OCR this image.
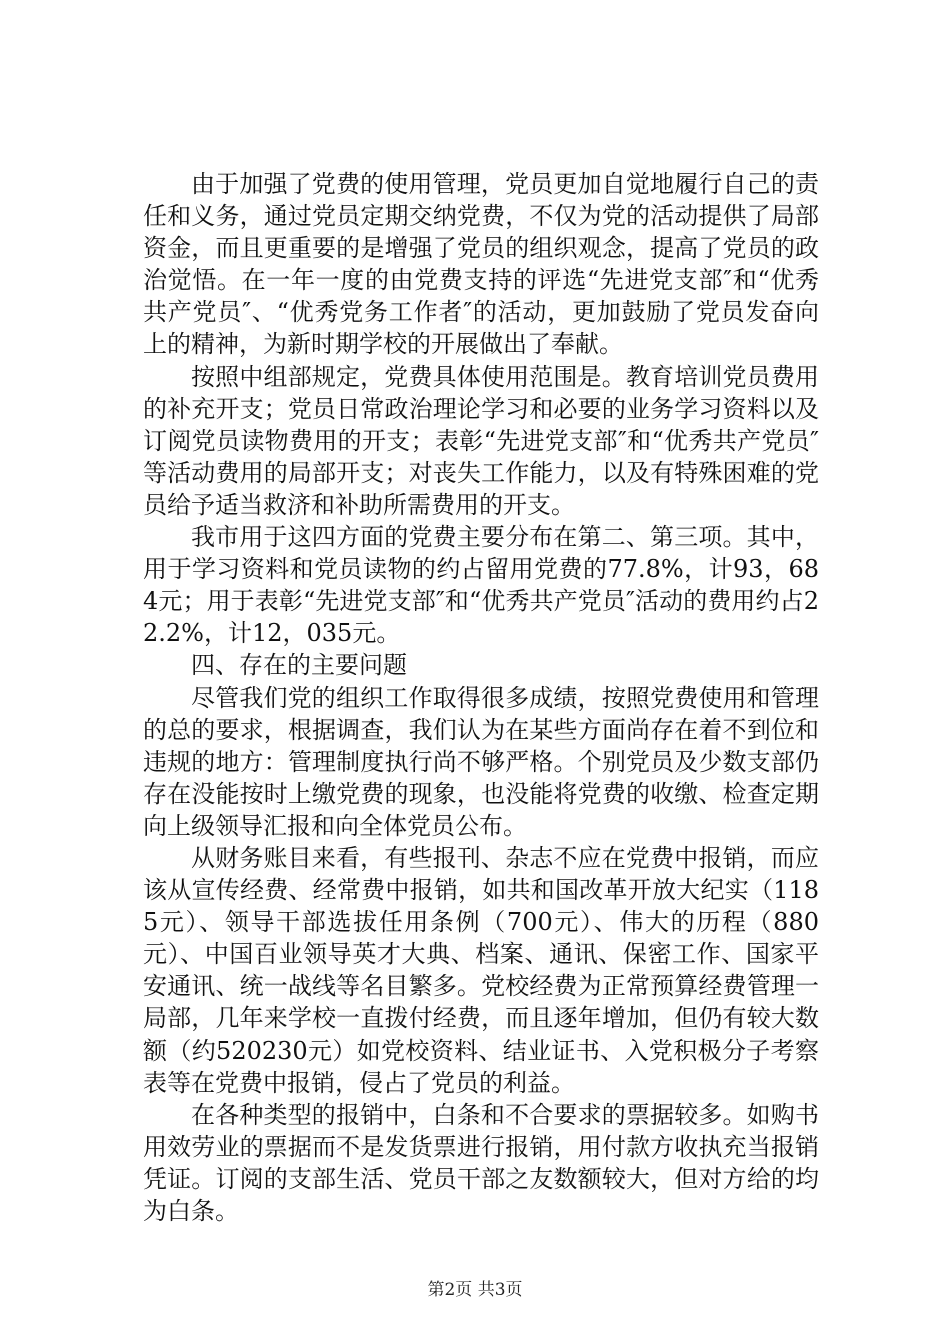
由于加强了党费的使用管理，党员更加自觉地履行自己的责任和义务，通过党员定期交纳党费，不仅为党的活动提供了局部资金，而且更重要的是增强了党员的组织观念，提高了党员的政治觉悟。在一年一度的由党费支持的评选“先进党支部″和“优秀共产党员″、“优秀党务工作者″的活动，更加鼓励了党员发奋向上的精神，为新时期学校的开展做出了奉献。

按照中组部规定，党费具体使用范围是。教育培训党员费用的补充开支；党员日常政治理论学习和必要的业务学习资料以及订阅党员读物费用的开支；表彰“先进党支部″和“优秀共产党员″等活动费用的局部开支；对丧失工作能力，以及有特殊困难的党员给予适当救济和补助所需费用的开支。

我市用于这四方面的党费主要分布在第二、第三项。其中，用于学习资料和党员读物的约占留用党费的77.8%，计93，684元；用于表彰“先进党支部″和“优秀共产党员″活动的费用约占22.2%，计12，035元。

四、存在的主要问题

尽管我们党的组织工作取得很多成绩，按照党费使用和管理的总的要求，根据调查，我们认为在某些方面尚存在着不到位和违规的地方：管理制度执行尚不够严格。个别党员及少数支部仍存在没能按时上缴党费的现象，也没能将党费的收缴、检查定期向上级领导汇报和向全体党员公布。

从财务账目来看，有些报刊、杂志不应在党费中报销，而应该从宣传经费、经常费中报销，如共和国改革开放大纪实（1185元）、领导干部选拔任用条例（700元）、伟大的历程（880元）、中国百业领导英才大典、档案、通讯、保密工作、国家平安通讯、统一战线等名目繁多。党校经费为正常预算经费管理一局部，几年来学校一直拨付经费，而且逐年增加，但仍有较大数额（约520230元）如党校资料、结业证书、入党积极分子考察表等在党费中报销，侵占了党员的利益。

在各种类型的报销中，白条和不合要求的票据较多。如购书用效劳业的票据而不是发货票进行报销，用付款方收执充当报销凭证。订阅的支部生活、党员干部之友数额较大，但对方给的均为白条。

第2页 共3页
